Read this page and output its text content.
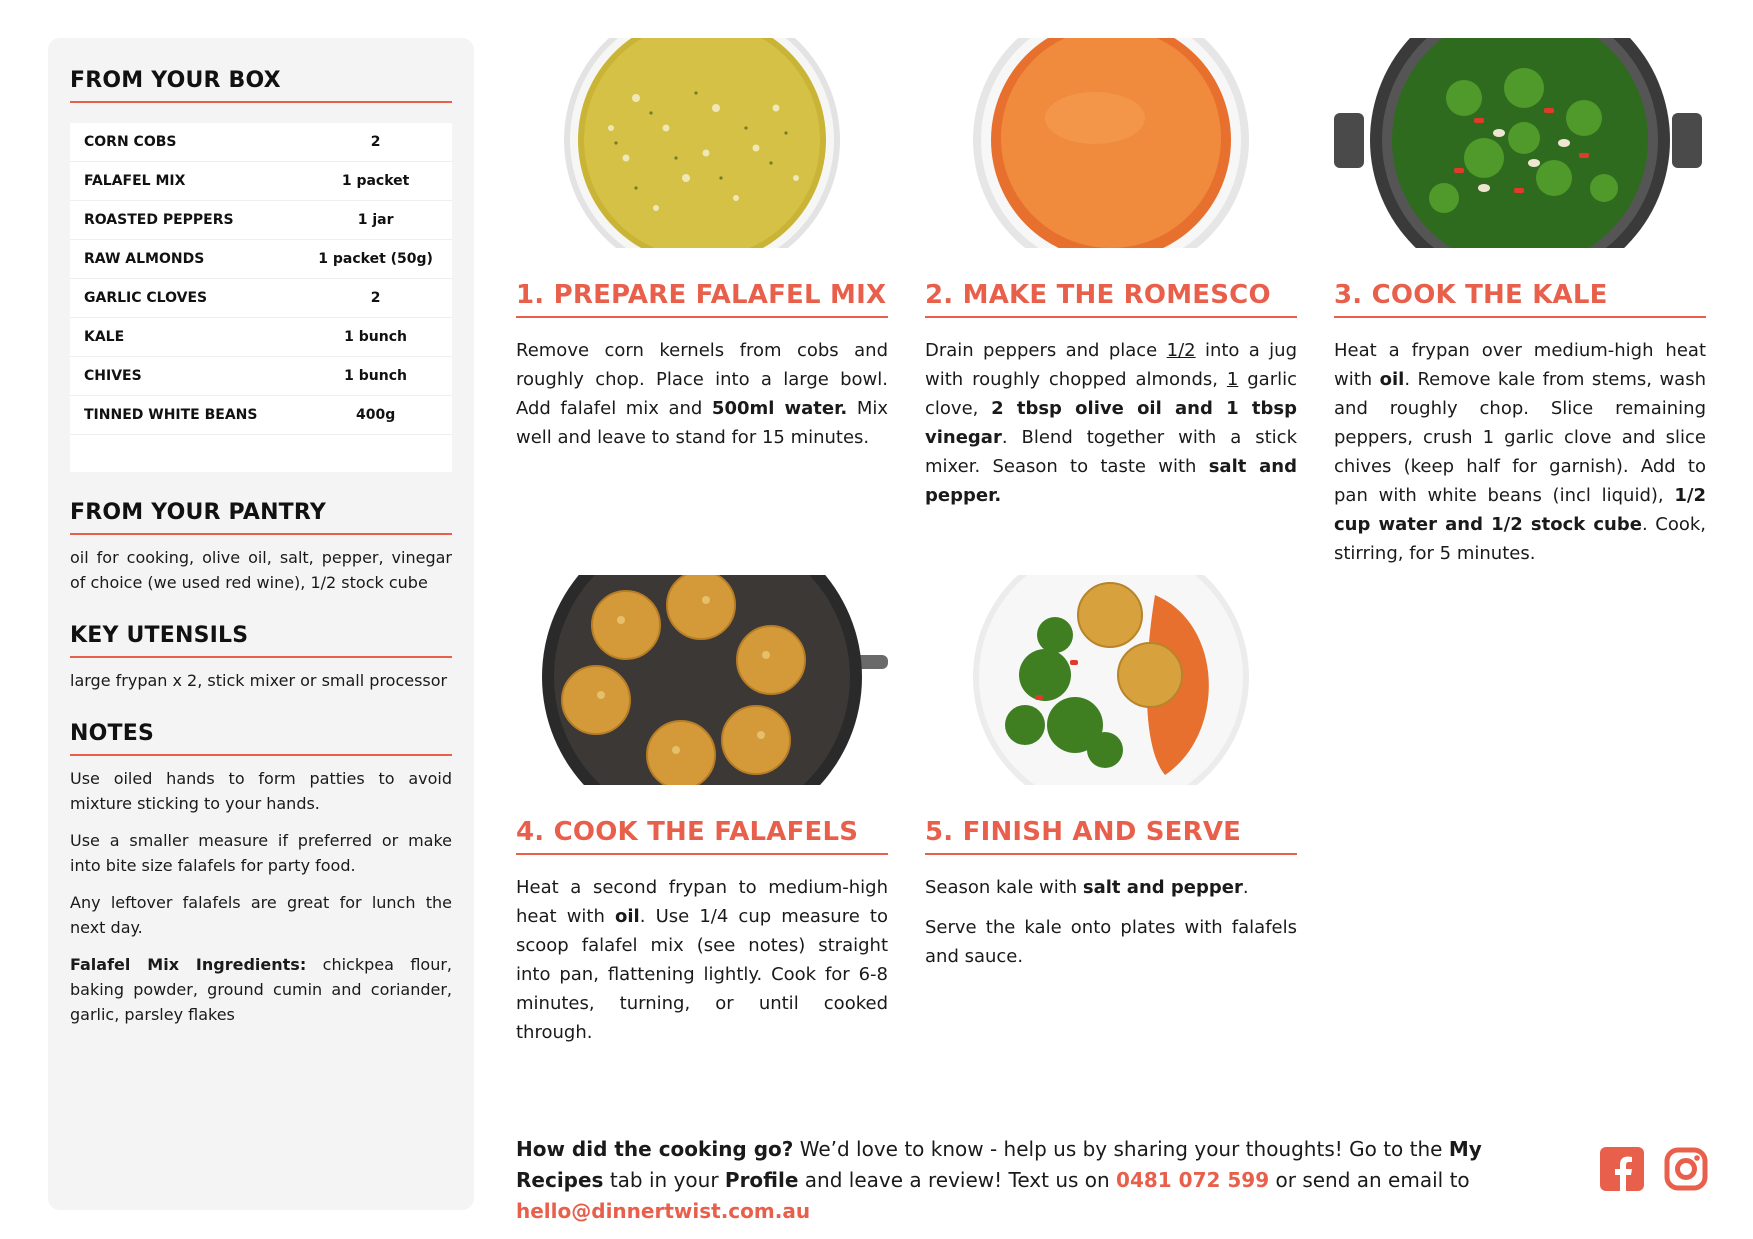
FROM YOUR BOX
CORN COBS	2
FALAFEL MIX	1 packet
ROASTED PEPPERS	1 jar
RAW ALMONDS	1 packet (50g)
GARLIC CLOVES	2
KALE	1 bunch
CHIVES	1 bunch
TINNED WHITE BEANS	400g

FROM YOUR PANTRY

oil for cooking, olive oil, salt, pepper, vinegar of choice (we used red wine), 1/2 stock cube

KEY UTENSILS

large frypan x 2, stick mixer or small processor

NOTES

Use oiled hands to form patties to avoid mixture sticking to your hands.

Use a smaller measure if preferred or make into bite size falafels for party food.

Any leftover falafels are great for lunch the next day.

Falafel Mix Ingredients: chickpea flour, baking powder, ground cumin and coriander, garlic, parsley flakes

1. PREPARE FALAFEL MIX

Remove corn kernels from cobs and roughly chop. Place into a large bowl. Add falafel mix and 500ml water. Mix well and leave to stand for 15 minutes.

2. MAKE THE ROMESCO

Drain peppers and place 1/2 into a jug with roughly chopped almonds, 1 garlic clove, 2 tbsp olive oil and 1 tbsp vinegar. Blend together with a stick mixer. Season to taste with salt and pepper.

3. COOK THE KALE

Heat a frypan over medium-high heat with oil. Remove kale from stems, wash and roughly chop. Slice remaining peppers, crush 1 garlic clove and slice chives (keep half for garnish). Add to pan with white beans (incl liquid), 1/2 cup water and 1/2 stock cube. Cook, stirring, for 5 minutes.

4. COOK THE FALAFELS

Heat a second frypan to medium-high heat with oil. Use 1/4 cup measure to scoop falafel mix (see notes) straight into pan, flattening lightly. Cook for 6-8 minutes, turning, or until cooked through.

5. FINISH AND SERVE

Season kale with salt and pepper.

Serve the kale onto plates with falafels and sauce.

How did the cooking go? We’d love to know - help us by sharing your thoughts! Go to the My Recipes tab in your Profile and leave a review! Text us on 0481 072 599 or send an email to hello@dinnertwist.com.au
